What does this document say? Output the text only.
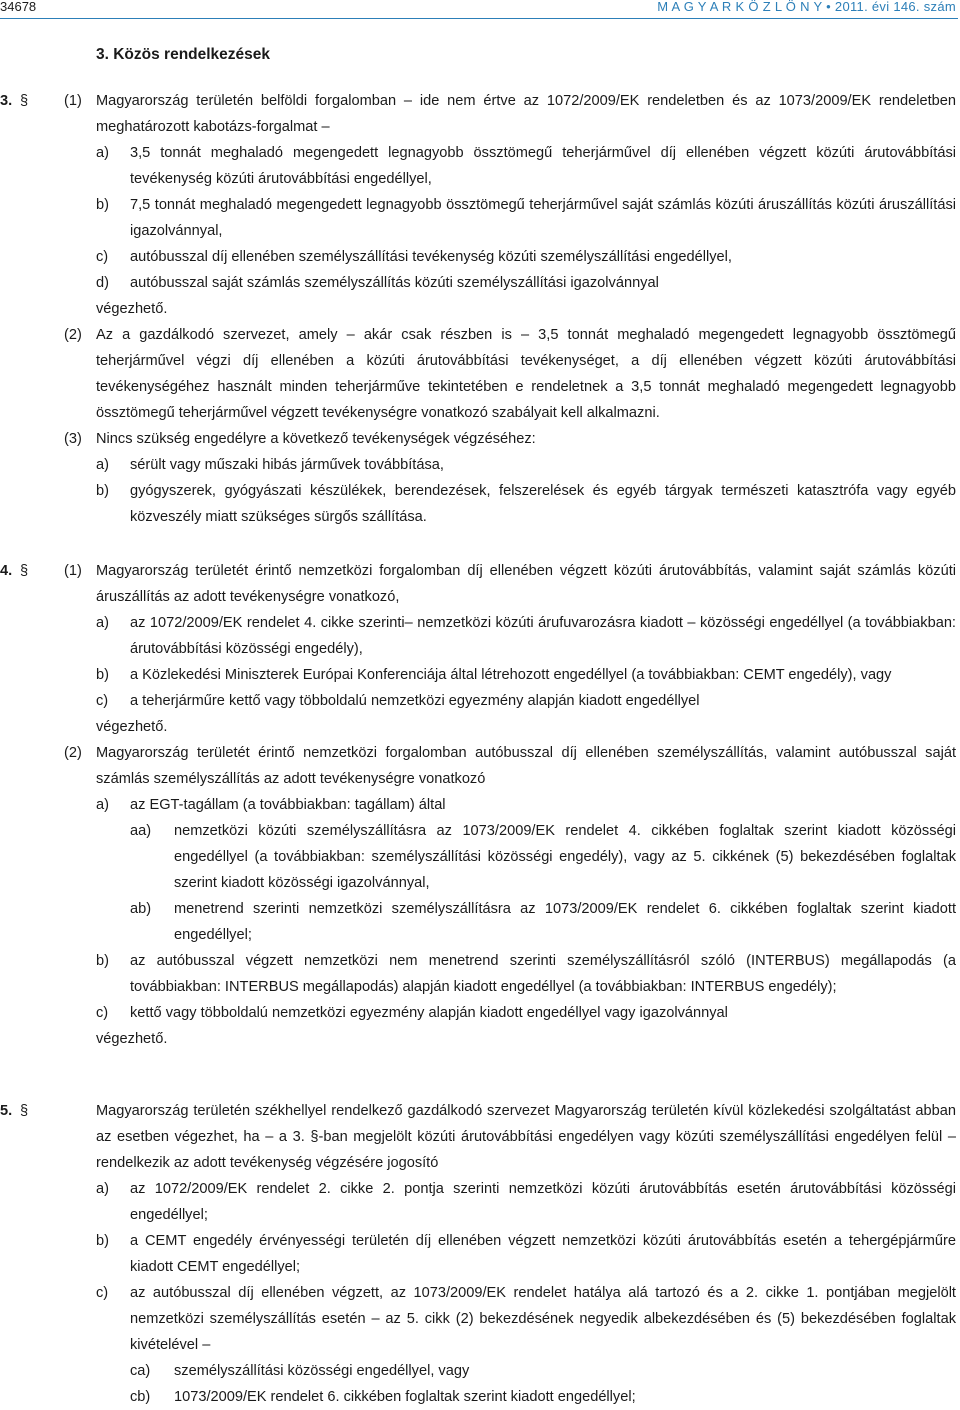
34678	M A G Y A R K Ö Z L Ö N Y • 2011. évi 146. szám
3. Közös rendelkezések
3. §	(1) Magyarország területén belföldi forgalomban – ide nem értve az 1072/2009/EK rendeletben és az 1073/2009/EK rendeletben meghatározott kabotázs-forgalmat –
a)	3,5 tonnát meghaladó megengedett legnagyobb össztömegű teherjárművel díj ellenében végzett közúti árutovábbítási tevékenység közúti árutovábbítási engedéllyel,
b)	7,5 tonnát meghaladó megengedett legnagyobb össztömegű teherjárművel saját számlás közúti áruszállítás közúti áruszállítási igazolvánnyal,
c)	autóbusszal díj ellenében személyszállítási tevékenység közúti személyszállítási engedéllyel,
d)	autóbusszal saját számlás személyszállítás közúti személyszállítási igazolvánnyal
végezhető.
(2) Az a gazdálkodó szervezet, amely – akár csak részben is – 3,5 tonnát meghaladó megengedett legnagyobb össztömegű teherjárművel végzi díj ellenében a közúti árutovábbítási tevékenységet, a díj ellenében végzett közúti árutovábbítási tevékenységéhez használt minden teherjárműve tekintetében e rendeletnek a 3,5 tonnát meghaladó megengedett legnagyobb össztömegű teherjárművel végzett tevékenységre vonatkozó szabályait kell alkalmazni.
(3) Nincs szükség engedélyre a következő tevékenységek végzéséhez:
a)	sérült vagy műszaki hibás járművek továbbítása,
b)	gyógyszerek, gyógyászati készülékek, berendezések, felszerelések és egyéb tárgyak természeti katasztrófa vagy egyéb közveszély miatt szükséges sürgős szállítása.
4. §	(1) Magyarország területét érintő nemzetközi forgalomban díj ellenében végzett közúti árutovábbítás, valamint saját számlás közúti áruszállítás az adott tevékenységre vonatkozó,
a)	az 1072/2009/EK rendelet 4. cikke szerinti– nemzetközi közúti árufuvarozásra kiadott – közösségi engedéllyel (a továbbiakban: árutovábbítási közösségi engedély),
b)	a Közlekedési Miniszterek Európai Konferenciája által létrehozott engedéllyel (a továbbiakban: CEMT engedély), vagy
c)	a teherjárműre kettő vagy többoldalú nemzetközi egyezmény alapján kiadott engedéllyel
végezhető.
(2) Magyarország területét érintő nemzetközi forgalomban autóbusszal díj ellenében személyszállítás, valamint autóbusszal saját számlás személyszállítás az adott tevékenységre vonatkozó
a)	az EGT-tagállam (a továbbiakban: tagállam) által
aa)	nemzetközi közúti személyszállításra az 1073/2009/EK rendelet 4. cikkében foglaltak szerint kiadott közösségi engedéllyel (a továbbiakban: személyszállítási közösségi engedély), vagy az 5. cikkének (5) bekezdésében foglaltak szerint kiadott közösségi igazolvánnyal,
ab)	menetrend szerinti nemzetközi személyszállításra az 1073/2009/EK rendelet 6. cikkében foglaltak szerint kiadott engedéllyel;
b)	az autóbusszal végzett nemzetközi nem menetrend szerinti személyszállításról szóló (INTERBUS) megállapodás (a továbbiakban: INTERBUS megállapodás) alapján kiadott engedéllyel (a továbbiakban: INTERBUS engedély);
c)	kettő vagy többoldalú nemzetközi egyezmény alapján kiadott engedéllyel vagy igazolvánnyal
végezhető.
5. §	Magyarország területén székhellyel rendelkező gazdálkodó szervezet Magyarország területén kívül közlekedési szolgáltatást abban az esetben végezhet, ha – a 3. §-ban megjelölt közúti árutovábbítási engedélyen vagy közúti személyszállítási engedélyen felül – rendelkezik az adott tevékenység végzésére jogosító
a)	az 1072/2009/EK rendelet 2. cikke 2. pontja szerinti nemzetközi közúti árutovábbítás esetén árutovábbítási közösségi engedéllyel;
b)	a CEMT engedély érvényességi területén díj ellenében végzett nemzetközi közúti árutovábbítás esetén a tehergépjárműre kiadott CEMT engedéllyel;
c)	az autóbusszal díj ellenében végzett, az 1073/2009/EK rendelet hatálya alá tartozó és a 2. cikke 1. pontjában megjelölt nemzetközi személyszállítás esetén – az 5. cikk (2) bekezdésének negyedik albekezdésében és (5) bekezdésében foglaltak kivételével –
ca)	személyszállítási közösségi engedéllyel, vagy
cb)	1073/2009/EK rendelet 6. cikkében foglaltak szerint kiadott engedéllyel;
